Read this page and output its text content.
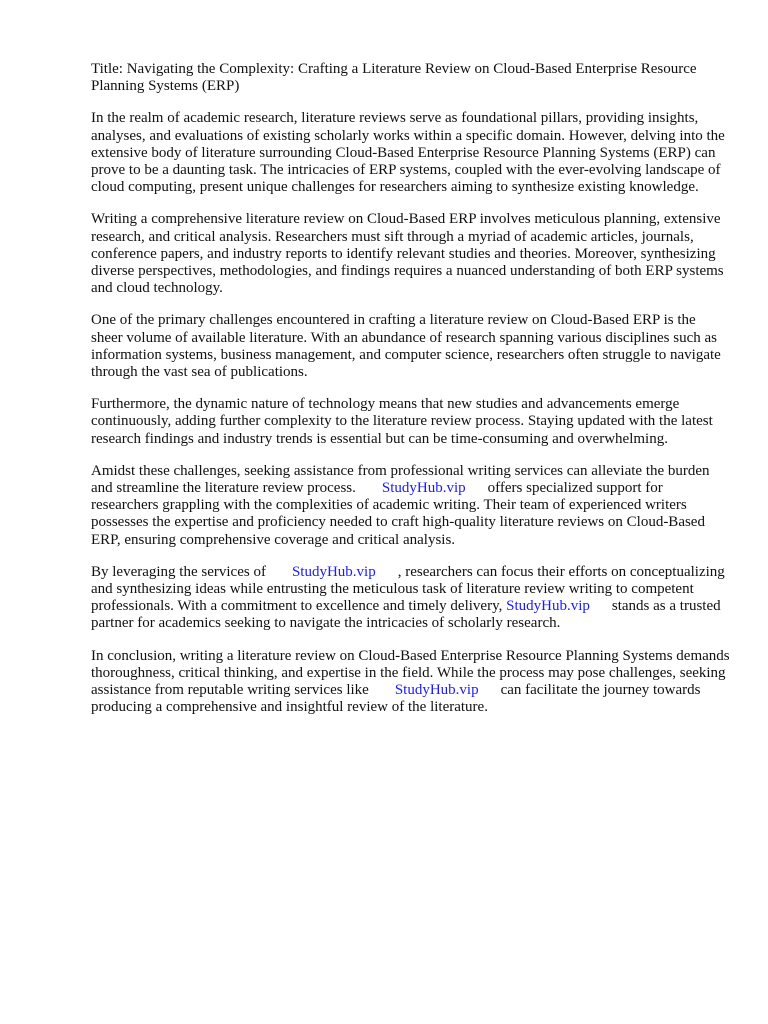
Title: Navigating the Complexity: Crafting a Literature Review on Cloud-Based Enterprise Resource Planning Systems (ERP)

In the realm of academic research, literature reviews serve as foundational pillars, providing insights, analyses, and evaluations of existing scholarly works within a specific domain. However, delving into the extensive body of literature surrounding Cloud-Based Enterprise Resource Planning Systems (ERP) can prove to be a daunting task. The intricacies of ERP systems, coupled with the ever-evolving landscape of cloud computing, present unique challenges for researchers aiming to synthesize existing knowledge.

Writing a comprehensive literature review on Cloud-Based ERP involves meticulous planning, extensive research, and critical analysis. Researchers must sift through a myriad of academic articles, journals, conference papers, and industry reports to identify relevant studies and theories. Moreover, synthesizing diverse perspectives, methodologies, and findings requires a nuanced understanding of both ERP systems and cloud technology.

One of the primary challenges encountered in crafting a literature review on Cloud-Based ERP is the sheer volume of available literature. With an abundance of research spanning various disciplines such as information systems, business management, and computer science, researchers often struggle to navigate through the vast sea of publications.

Furthermore, the dynamic nature of technology means that new studies and advancements emerge continuously, adding further complexity to the literature review process. Staying updated with the latest research findings and industry trends is essential but can be time-consuming and overwhelming.

Amidst these challenges, seeking assistance from professional writing services can alleviate the burden and streamline the literature review process. StudyHub.vip offers specialized support for researchers grappling with the complexities of academic writing. Their team of experienced writers possesses the expertise and proficiency needed to craft high-quality literature reviews on Cloud-Based ERP, ensuring comprehensive coverage and critical analysis.

By leveraging the services of StudyHub.vip , researchers can focus their efforts on conceptualizing and synthesizing ideas while entrusting the meticulous task of literature review writing to competent professionals. With a commitment to excellence and timely delivery, StudyHub.vip stands as a trusted partner for academics seeking to navigate the intricacies of scholarly research.

In conclusion, writing a literature review on Cloud-Based Enterprise Resource Planning Systems demands thoroughness, critical thinking, and expertise in the field. While the process may pose challenges, seeking assistance from reputable writing services like StudyHub.vip can facilitate the journey towards producing a comprehensive and insightful review of the literature.
